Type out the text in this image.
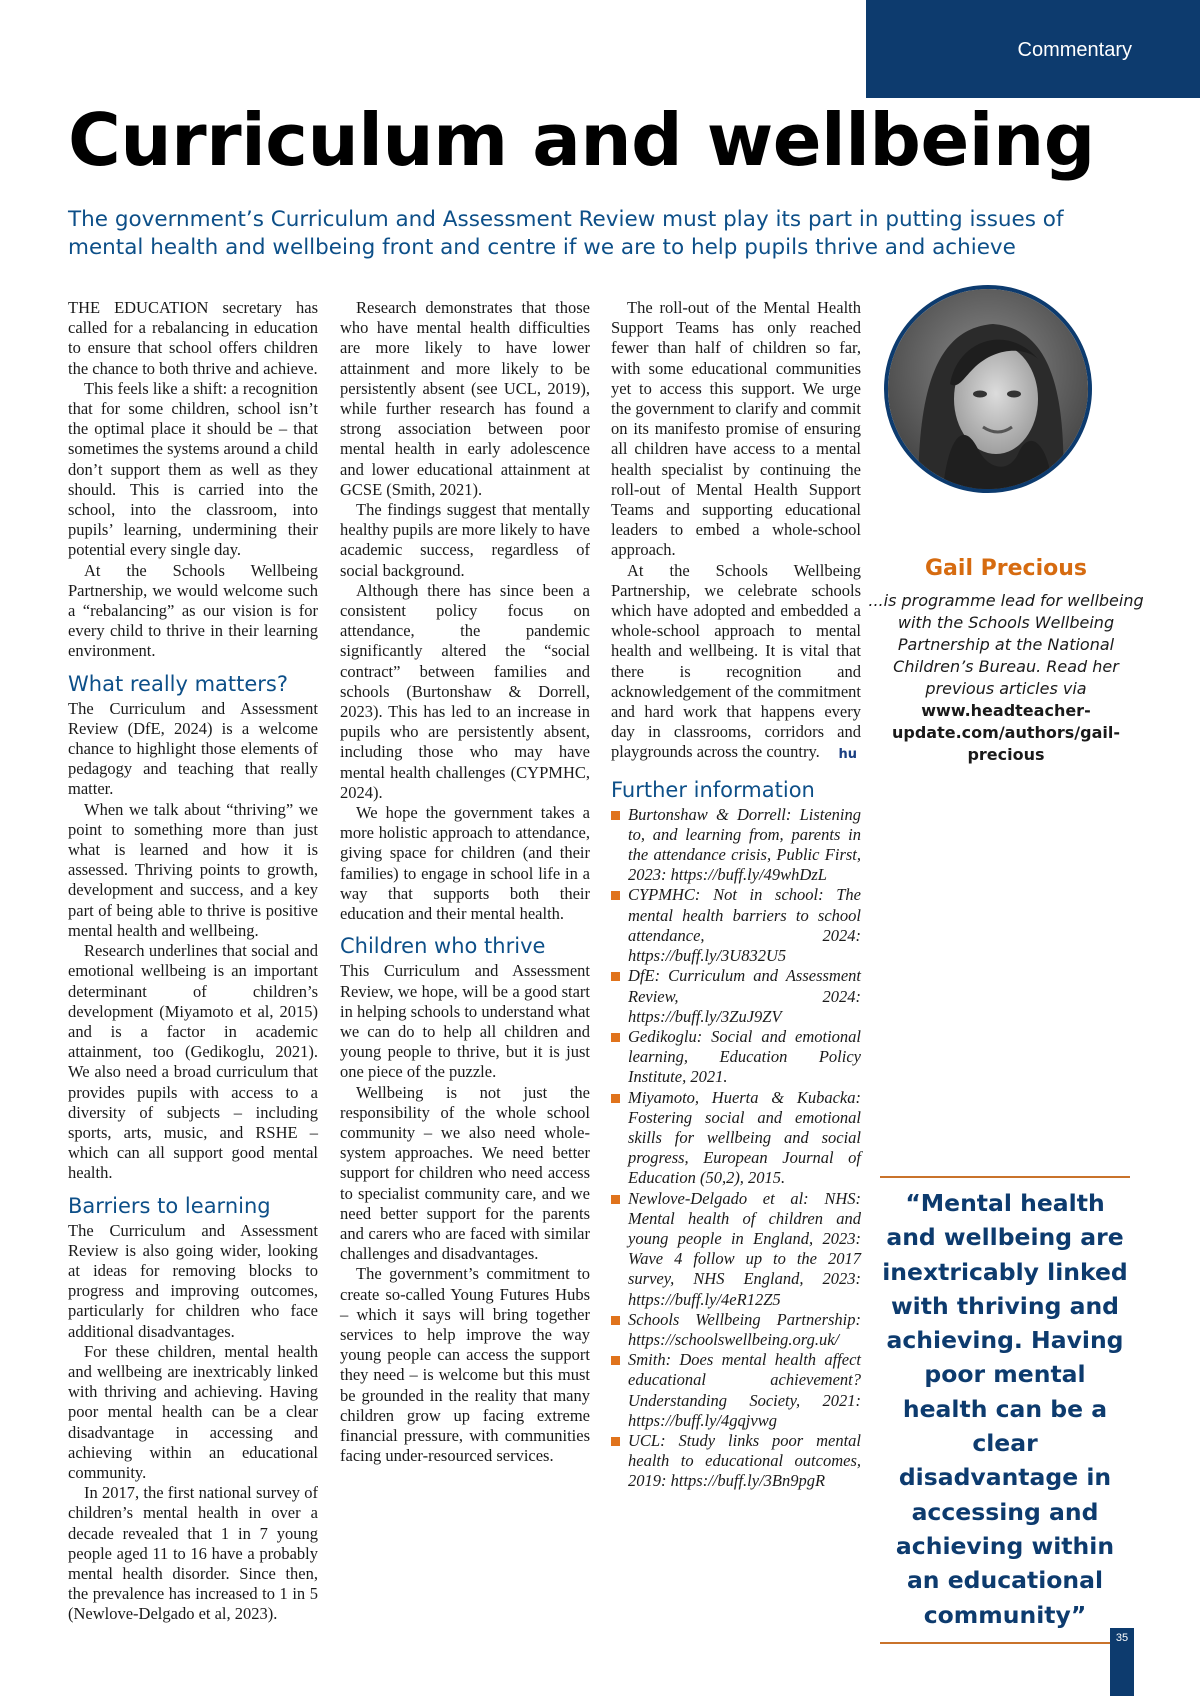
Commentary
Curriculum and wellbeing

The government’s Curriculum and Assessment Review must play its part in putting issues of mental health and wellbeing front and centre if we are to help pupils thrive and achieve

THE EDUCATION secretary has called for a rebalancing in education to ensure that school offers children the chance to both thrive and achieve.

This feels like a shift: a recognition that for some children, school isn’t the optimal place it should be – that sometimes the systems around a child don’t support them as well as they should. This is carried into the school, into the classroom, into pupils’ learning, undermining their potential every single day.

At the Schools Wellbeing Partnership, we would welcome such a “rebalancing” as our vision is for every child to thrive in their learning environment.

What really matters?

The Curriculum and Assessment Review (DfE, 2024) is a welcome chance to highlight those elements of pedagogy and teaching that really matter.

When we talk about “thriving” we point to something more than just what is learned and how it is assessed. Thriving points to growth, development and success, and a key part of being able to thrive is positive mental health and wellbeing.

Research underlines that social and emotional wellbeing is an important determinant of children’s development (Miyamoto et al, 2015) and is a factor in academic attainment, too (Gedikoglu, 2021). We also need a broad curriculum that provides pupils with access to a diversity of subjects – including sports, arts, music, and RSHE – which can all support good mental health.

Barriers to learning

The Curriculum and Assessment Review is also going wider, looking at ideas for removing blocks to progress and improving outcomes, particularly for children who face additional disadvantages.

For these children, mental health and wellbeing are inextricably linked with thriving and achieving. Having poor mental health can be a clear disadvantage in accessing and achieving within an educational community.

In 2017, the first national survey of children’s mental health in over a decade revealed that 1 in 7 young people aged 11 to 16 have a probably mental health disorder. Since then, the prevalence has increased to 1 in 5 (Newlove-Delgado et al, 2023).

Research demonstrates that those who have mental health difficulties are more likely to have lower attainment and more likely to be persistently absent (see UCL, 2019), while further research has found a strong association between poor mental health in early adolescence and lower educational attainment at GCSE (Smith, 2021).

The findings suggest that mentally healthy pupils are more likely to have academic success, regardless of social background.

Although there has since been a consistent policy focus on attendance, the pandemic significantly altered the “social contract” between families and schools (Burtonshaw & Dorrell, 2023). This has led to an increase in pupils who are persistently absent, including those who may have mental health challenges (CYPMHC, 2024).

We hope the government takes a more holistic approach to attendance, giving space for children (and their families) to engage in school life in a way that supports both their education and their mental health.

Children who thrive

This Curriculum and Assessment Review, we hope, will be a good start in helping schools to understand what we can do to help all children and young people to thrive, but it is just one piece of the puzzle.

Wellbeing is not just the responsibility of the whole school community – we also need whole-system approaches. We need better support for children who need access to specialist community care, and we need better support for the parents and carers who are faced with similar challenges and disadvantages.

The government’s commitment to create so-called Young Futures Hubs – which it says will bring together services to help improve the way young people can access the support they need – is welcome but this must be grounded in the reality that many children grow up facing extreme financial pressure, with communities facing under-resourced services.

The roll-out of the Mental Health Support Teams has only reached fewer than half of children so far, with some educational communities yet to access this support. We urge the government to clarify and commit on its manifesto promise of ensuring all children have access to a mental health specialist by continuing the roll-out of Mental Health Support Teams and supporting educational leaders to embed a whole-school approach.

At the Schools Wellbeing Partnership, we celebrate schools which have adopted and embedded a whole-school approach to mental health and wellbeing. It is vital that there is recognition and acknowledgement of the commitment and hard work that happens every day in classrooms, corridors and playgrounds across the country.	hu

Further information
Burtonshaw & Dorrell: Listening to, and learning from, parents in the attendance crisis, Public First, 2023: https://buff.ly/49whDzL
CYPMHC: Not in school: The mental health barriers to school attendance, 2024: https://buff.ly/3U832U5
DfE: Curriculum and Assessment Review, 2024: https://buff.ly/3ZuJ9ZV
Gedikoglu: Social and emotional learning, Education Policy Institute, 2021.
Miyamoto, Huerta & Kubacka: Fostering social and emotional skills for wellbeing and social progress, European Journal of Education (50,2), 2015.
Newlove-Delgado et al: NHS: Mental health of children and young people in England, 2023: Wave 4 follow up to the 2017 survey, NHS England, 2023: https://buff.ly/4eR12Z5
Schools Wellbeing Partnership: https://schoolswellbeing.org.uk/
Smith: Does mental health affect educational achievement? Understanding Society, 2021: https://buff.ly/4gqjvwg
UCL: Study links poor mental health to educational outcomes, 2019: https://buff.ly/3Bn9pgR
Gail Precious
...is programme lead for wellbeing with the Schools Wellbeing Partnership at the National Children’s Bureau. Read her previous articles via
www.headteacher-update.com/authors/gail-precious
“Mental health and wellbeing are inextricably linked with thriving and achieving. Having poor mental health can be a clear disadvantage in accessing and achieving within an educational community”
35
